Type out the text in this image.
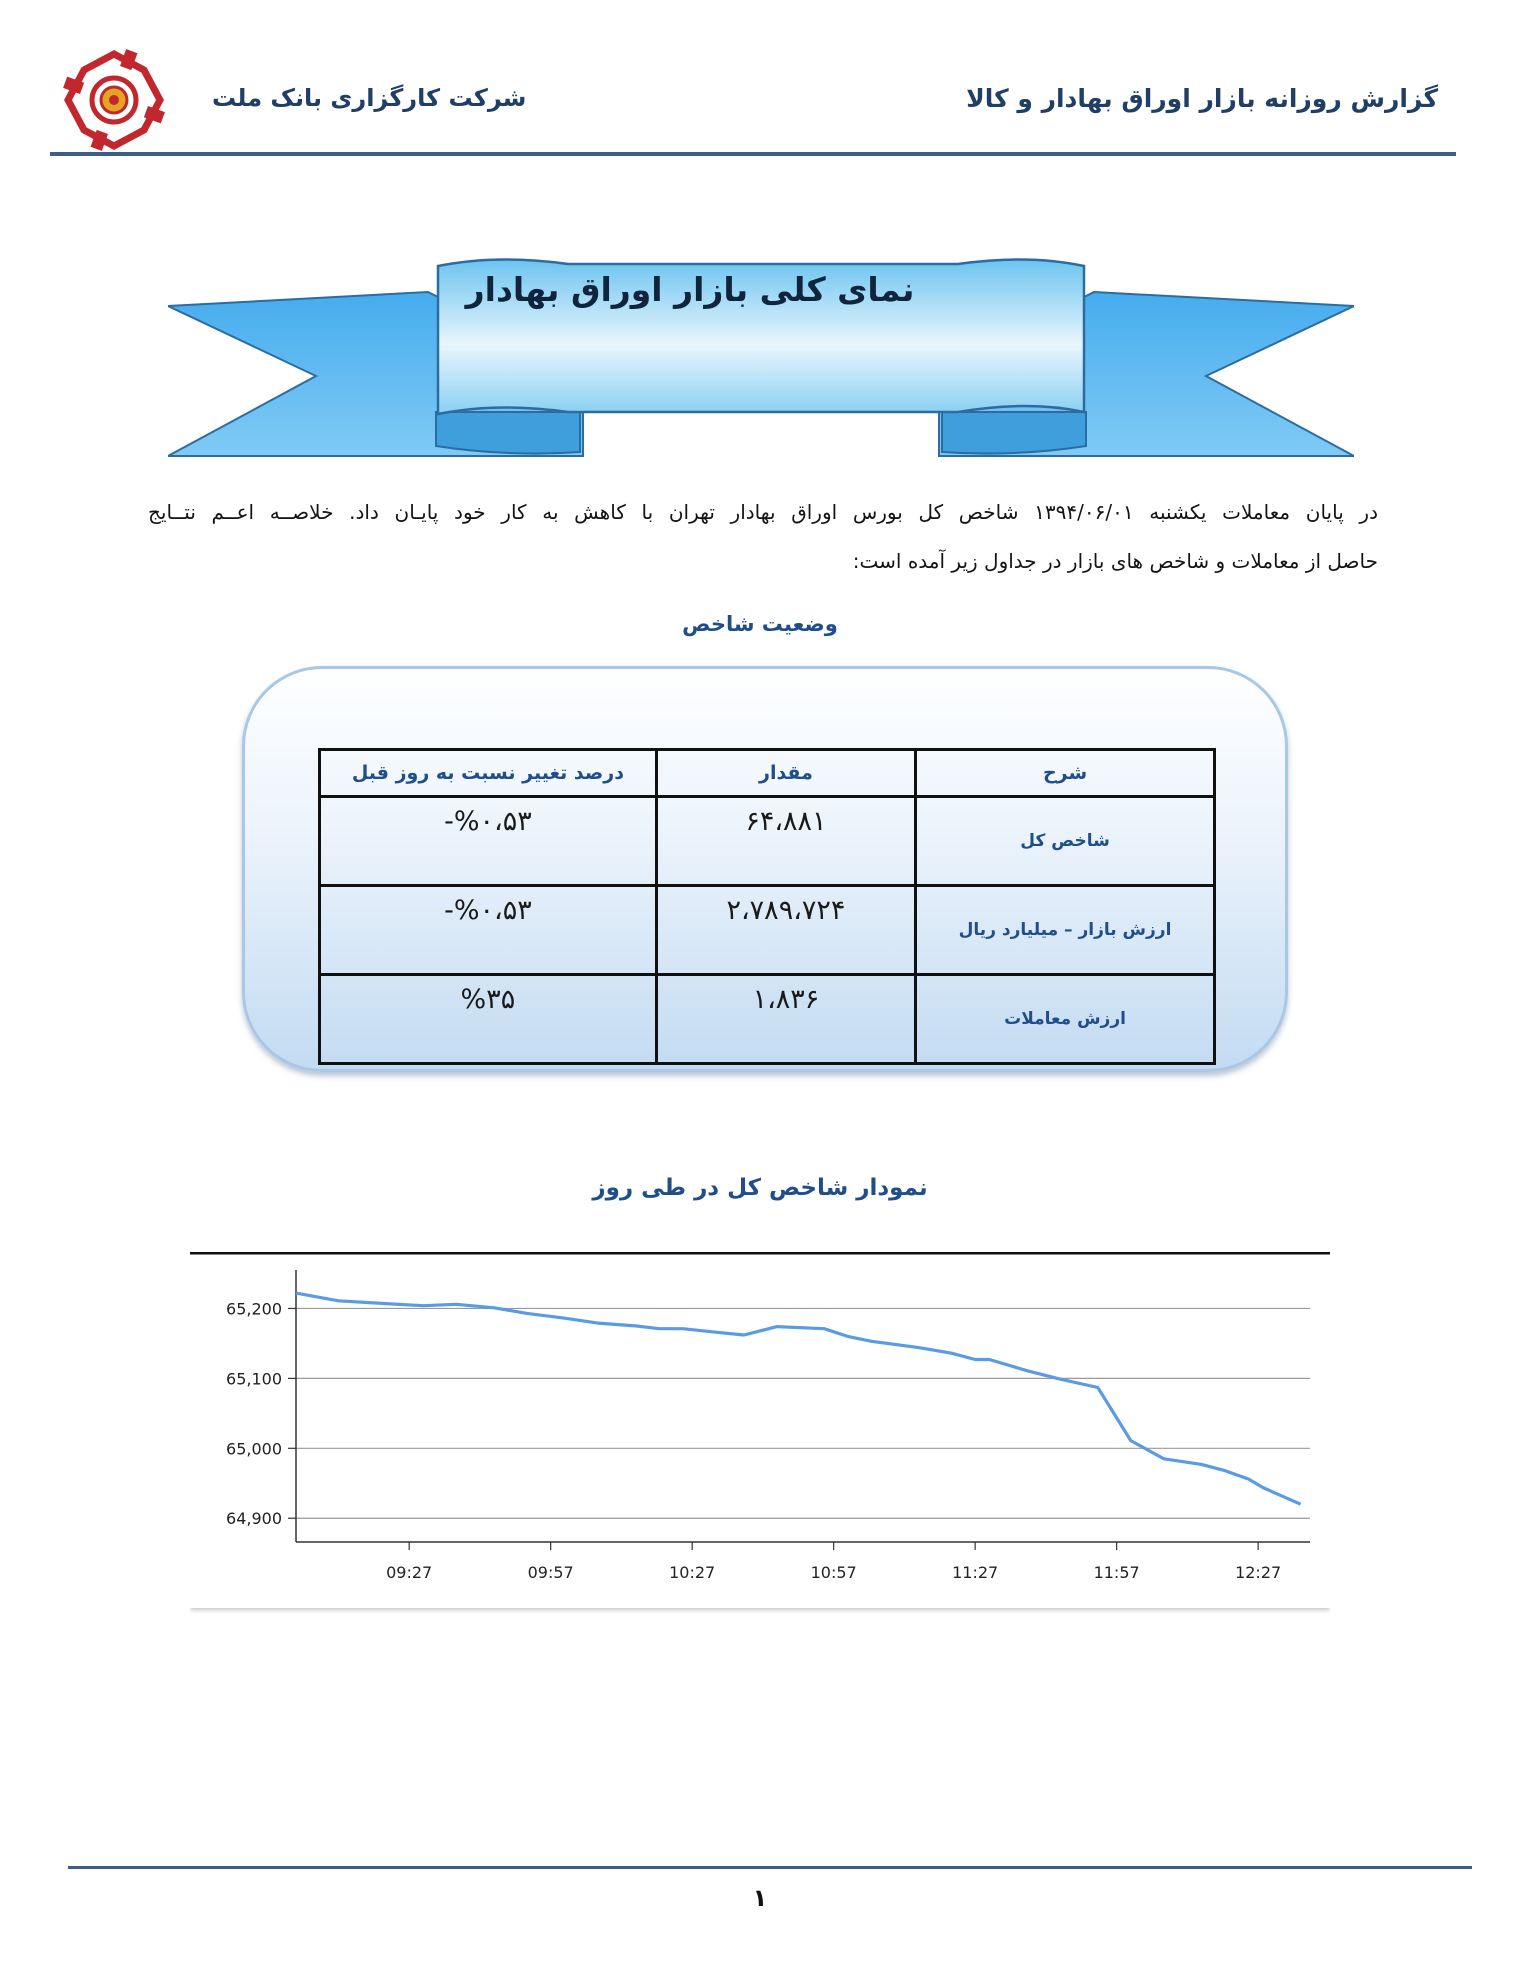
گزارش روزانه بازار اوراق بهادار و کالا
شرکت کارگزاری بانک ملت
نمای کلی بازار اوراق بهادار
در پایان معاملات یکشنبه ۱۳۹۴/۰۶/۰۱ شاخص کل بورس اوراق بهادار تهران با کاهش به کار خود پایـان داد. خلاصــه اعــم نتــایج
حاصل از معاملات و شاخص های بازار در جداول زیر آمده است:
وضعیت شاخص
شرح	مقدار	درصد تغییر نسبت به روز قبل
شاخص کل	۶۴،۸۸۱	-%۰،۵۳
ارزش بازار – میلیارد ریال	۲،۷۸۹،۷۲۴	-%۰،۵۳
ارزش معاملات	۱،۸۳۶	%۳۵
نمودار شاخص کل در طی روز
64,900
65,000
65,100
65,200
09:27	09:57	10:27	10:57	11:27	11:57	12:27
۱
